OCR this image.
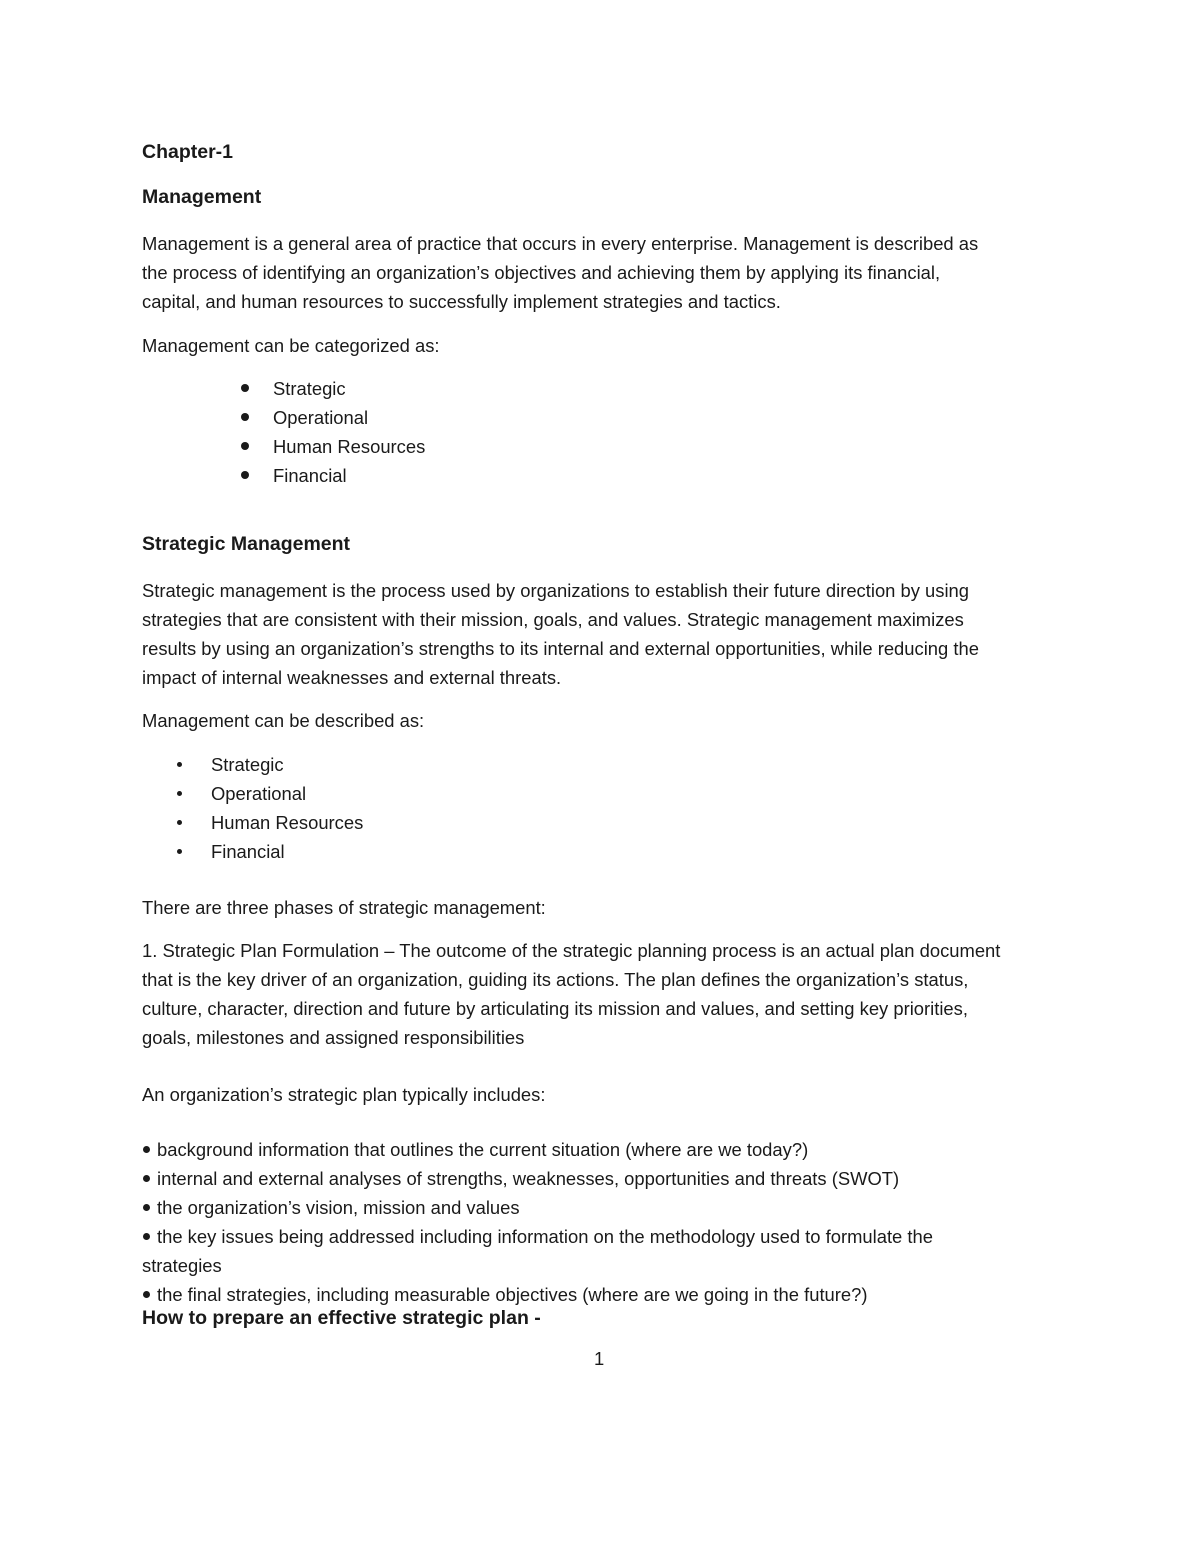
Chapter-1

Management

Management is a general area of practice that occurs in every enterprise. Management is described as
the process of identifying an organization’s objectives and achieving them by applying its financial,
capital, and human resources to successfully implement strategies and tactics.

Management can be categorized as:

Strategic
Operational
Human Resources
Financial

Strategic Management

Strategic management is the process used by organizations to establish their future direction by using
strategies that are consistent with their mission, goals, and values. Strategic management maximizes
results by using an organization’s strengths to its internal and external opportunities, while reducing the
impact of internal weaknesses and external threats.

Management can be described as:

Strategic
Operational
Human Resources
Financial

There are three phases of strategic management:

1. Strategic Plan Formulation – The outcome of the strategic planning process is an actual plan document
that is the key driver of an organization, guiding its actions. The plan defines the organization’s status,
culture, character, direction and future by articulating its mission and values, and setting key priorities,
goals, milestones and assigned responsibilities

An organization’s strategic plan typically includes:

background information that outlines the current situation (where are we today?)
internal and external analyses of strengths, weaknesses, opportunities and threats (SWOT)
the organization’s vision, mission and values
the key issues being addressed including information on the methodology used to formulate the
strategies
the final strategies, including measurable objectives (where are we going in the future?)

How to prepare an effective strategic plan -

1
